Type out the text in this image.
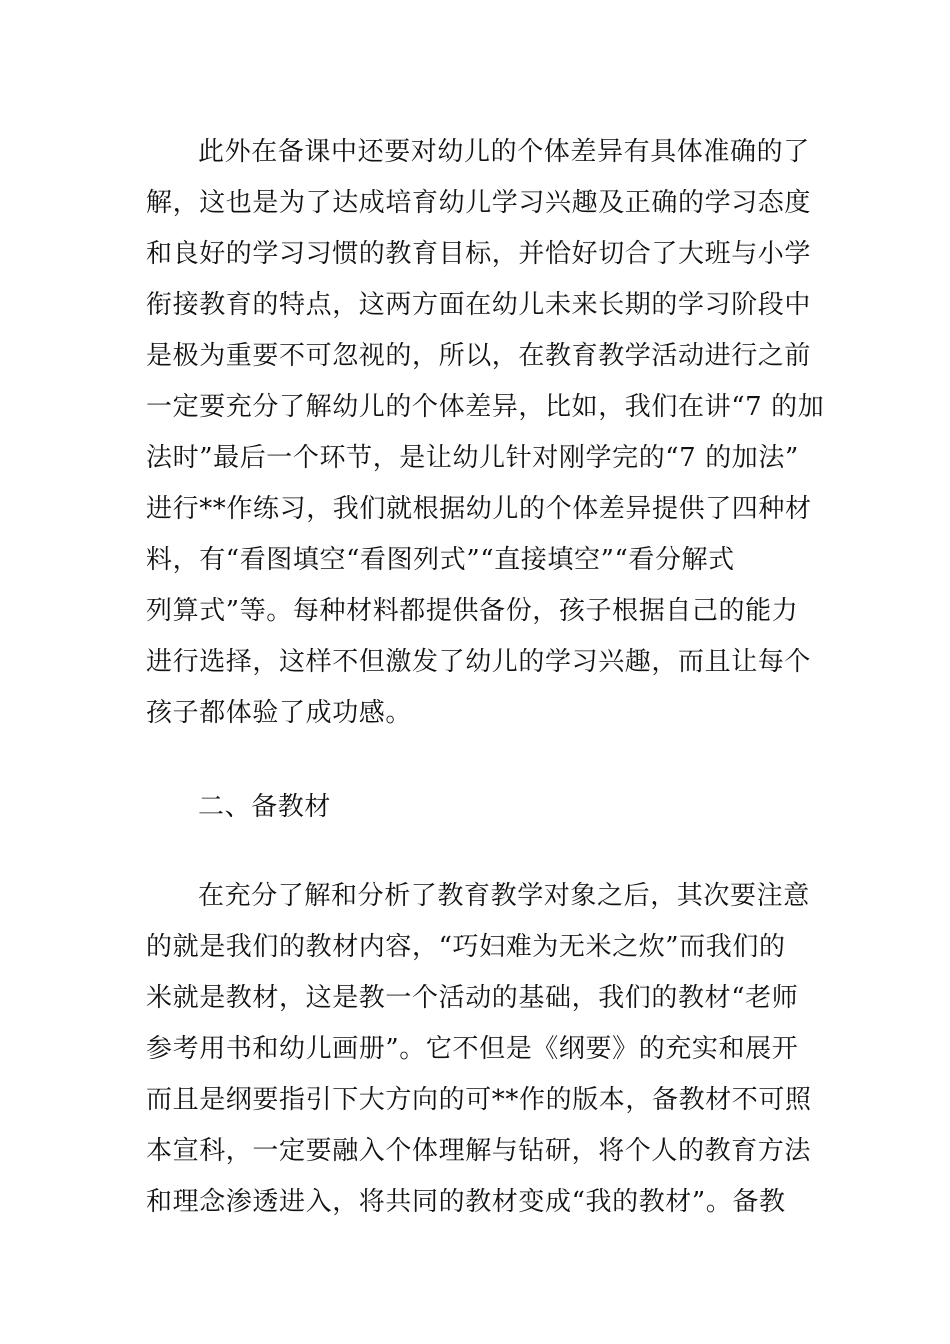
此外在备课中还要对幼儿的个体差异有具体准确的了
解，这也是为了达成培育幼儿学习兴趣及正确的学习态度
和良好的学习习惯的教育目标，并恰好切合了大班与小学
衔接教育的特点，这两方面在幼儿未来长期的学习阶段中
是极为重要不可忽视的，所以，在教育教学活动进行之前
一定要充分了解幼儿的个体差异，比如，我们在讲“7 的加
法时”最后一个环节，是让幼儿针对刚学完的“7 的加法”
进行**作练习，我们就根据幼儿的个体差异提供了四种材
料，有“看图填空“看图列式”“直接填空”“看分解式
列算式”等。每种材料都提供备份，孩子根据自己的能力
进行选择，这样不但激发了幼儿的学习兴趣，而且让每个
孩子都体验了成功感。
二、备教材
在充分了解和分析了教育教学对象之后，其次要注意
的就是我们的教材内容，“巧妇难为无米之炊”而我们的
米就是教材，这是教一个活动的基础，我们的教材“老师
参考用书和幼儿画册”。它不但是《纲要》的充实和展开
而且是纲要指引下大方向的可**作的版本，备教材不可照
本宣科，一定要融入个体理解与钻研，将个人的教育方法
和理念渗透进入，将共同的教材变成“我的教材”。备教
